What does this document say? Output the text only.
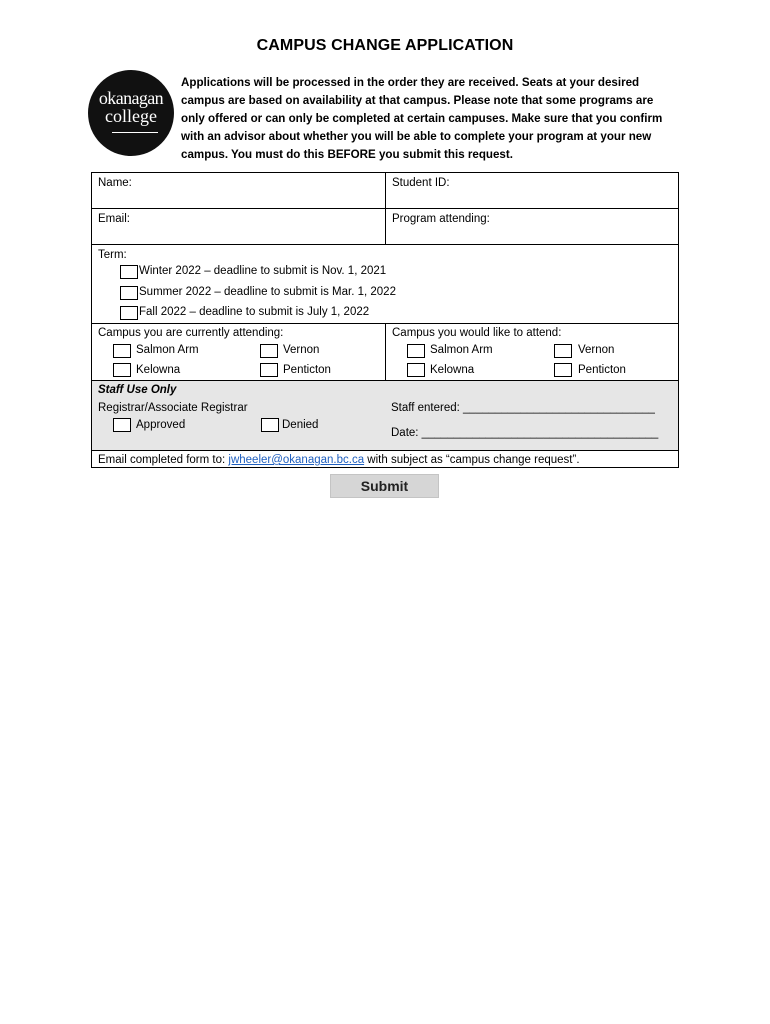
CAMPUS CHANGE APPLICATION
okanagan
college
Applications will be processed in the order they are received. Seats at your desired campus are based on availability at that campus. Please note that some programs are only offered or can only be completed at certain campuses. Make sure that you confirm with an advisor about whether you will be able to complete your program at your new campus. You must do this BEFORE you submit this request.
Name:	Student ID:
Email:	Program attending:
Term:
Winter 2022 – deadline to submit is Nov. 1, 2021
Summer 2022 – deadline to submit is Mar. 1, 2022
Fall 2022 – deadline to submit is July 1, 2022
Campus you are currently attending:
Salmon Arm	Vernon
Kelowna	Penticton
Campus you would like to attend:
Salmon Arm	Vernon
Kelowna	Penticton
Staff Use Only
Registrar/Associate Registrar
Approved	Denied
Staff entered: ______________________________
Date: _____________________________________
Email completed form to: jwheeler@okanagan.bc.ca with subject as “campus change request”.
Submit
